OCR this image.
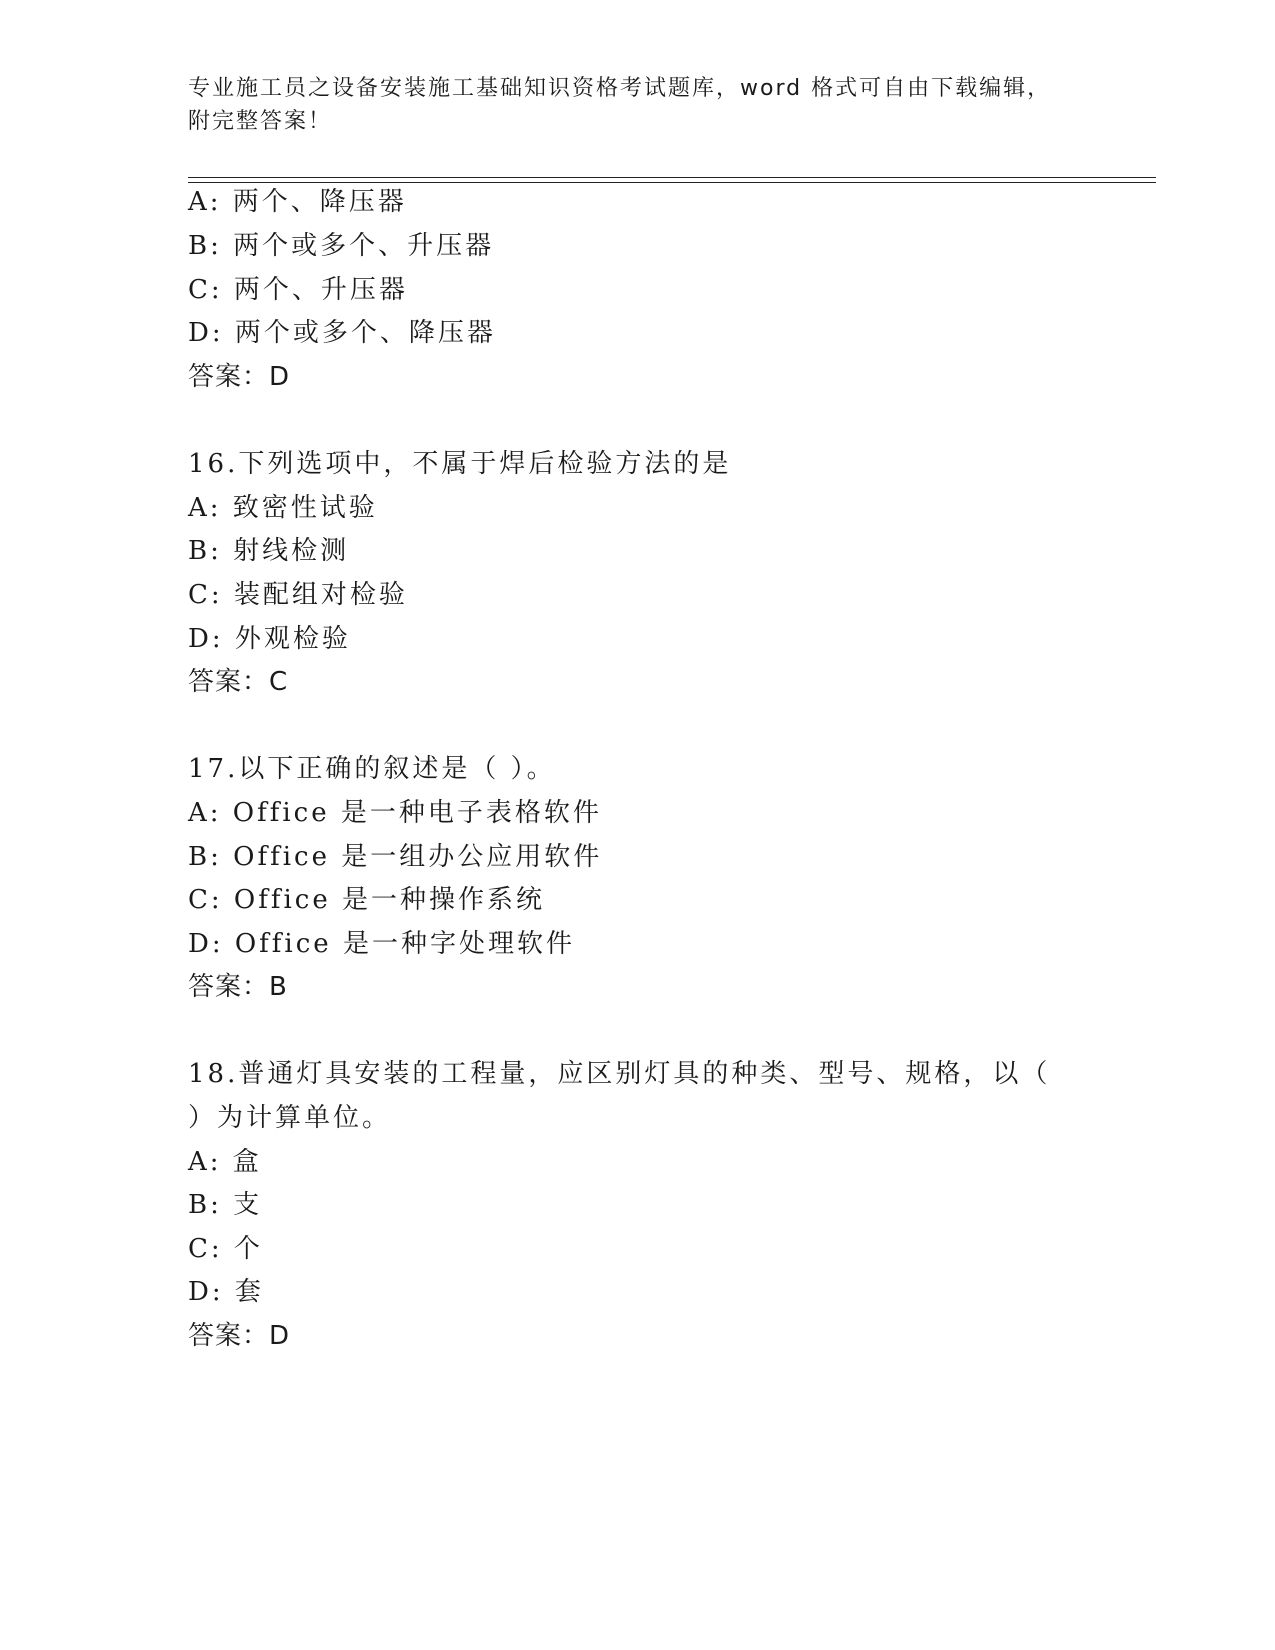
专业施工员之设备安装施工基础知识资格考试题库，word 格式可自由下载编辑，
附完整答案！
A: 两个、降压器
B: 两个或多个、升压器
C: 两个、升压器
D: 两个或多个、降压器
答案：D
16.下列选项中，不属于焊后检验方法的是
A: 致密性试验
B: 射线检测
C: 装配组对检验
D: 外观检验
答案：C
17.以下正确的叙述是（ ）。
A: Office 是一种电子表格软件
B: Office 是一组办公应用软件
C: Office 是一种操作系统
D: Office 是一种字处理软件
答案：B
18.普通灯具安装的工程量，应区别灯具的种类、型号、规格，以（
）为计算单位。
A: 盒
B: 支
C: 个
D: 套
答案：D
